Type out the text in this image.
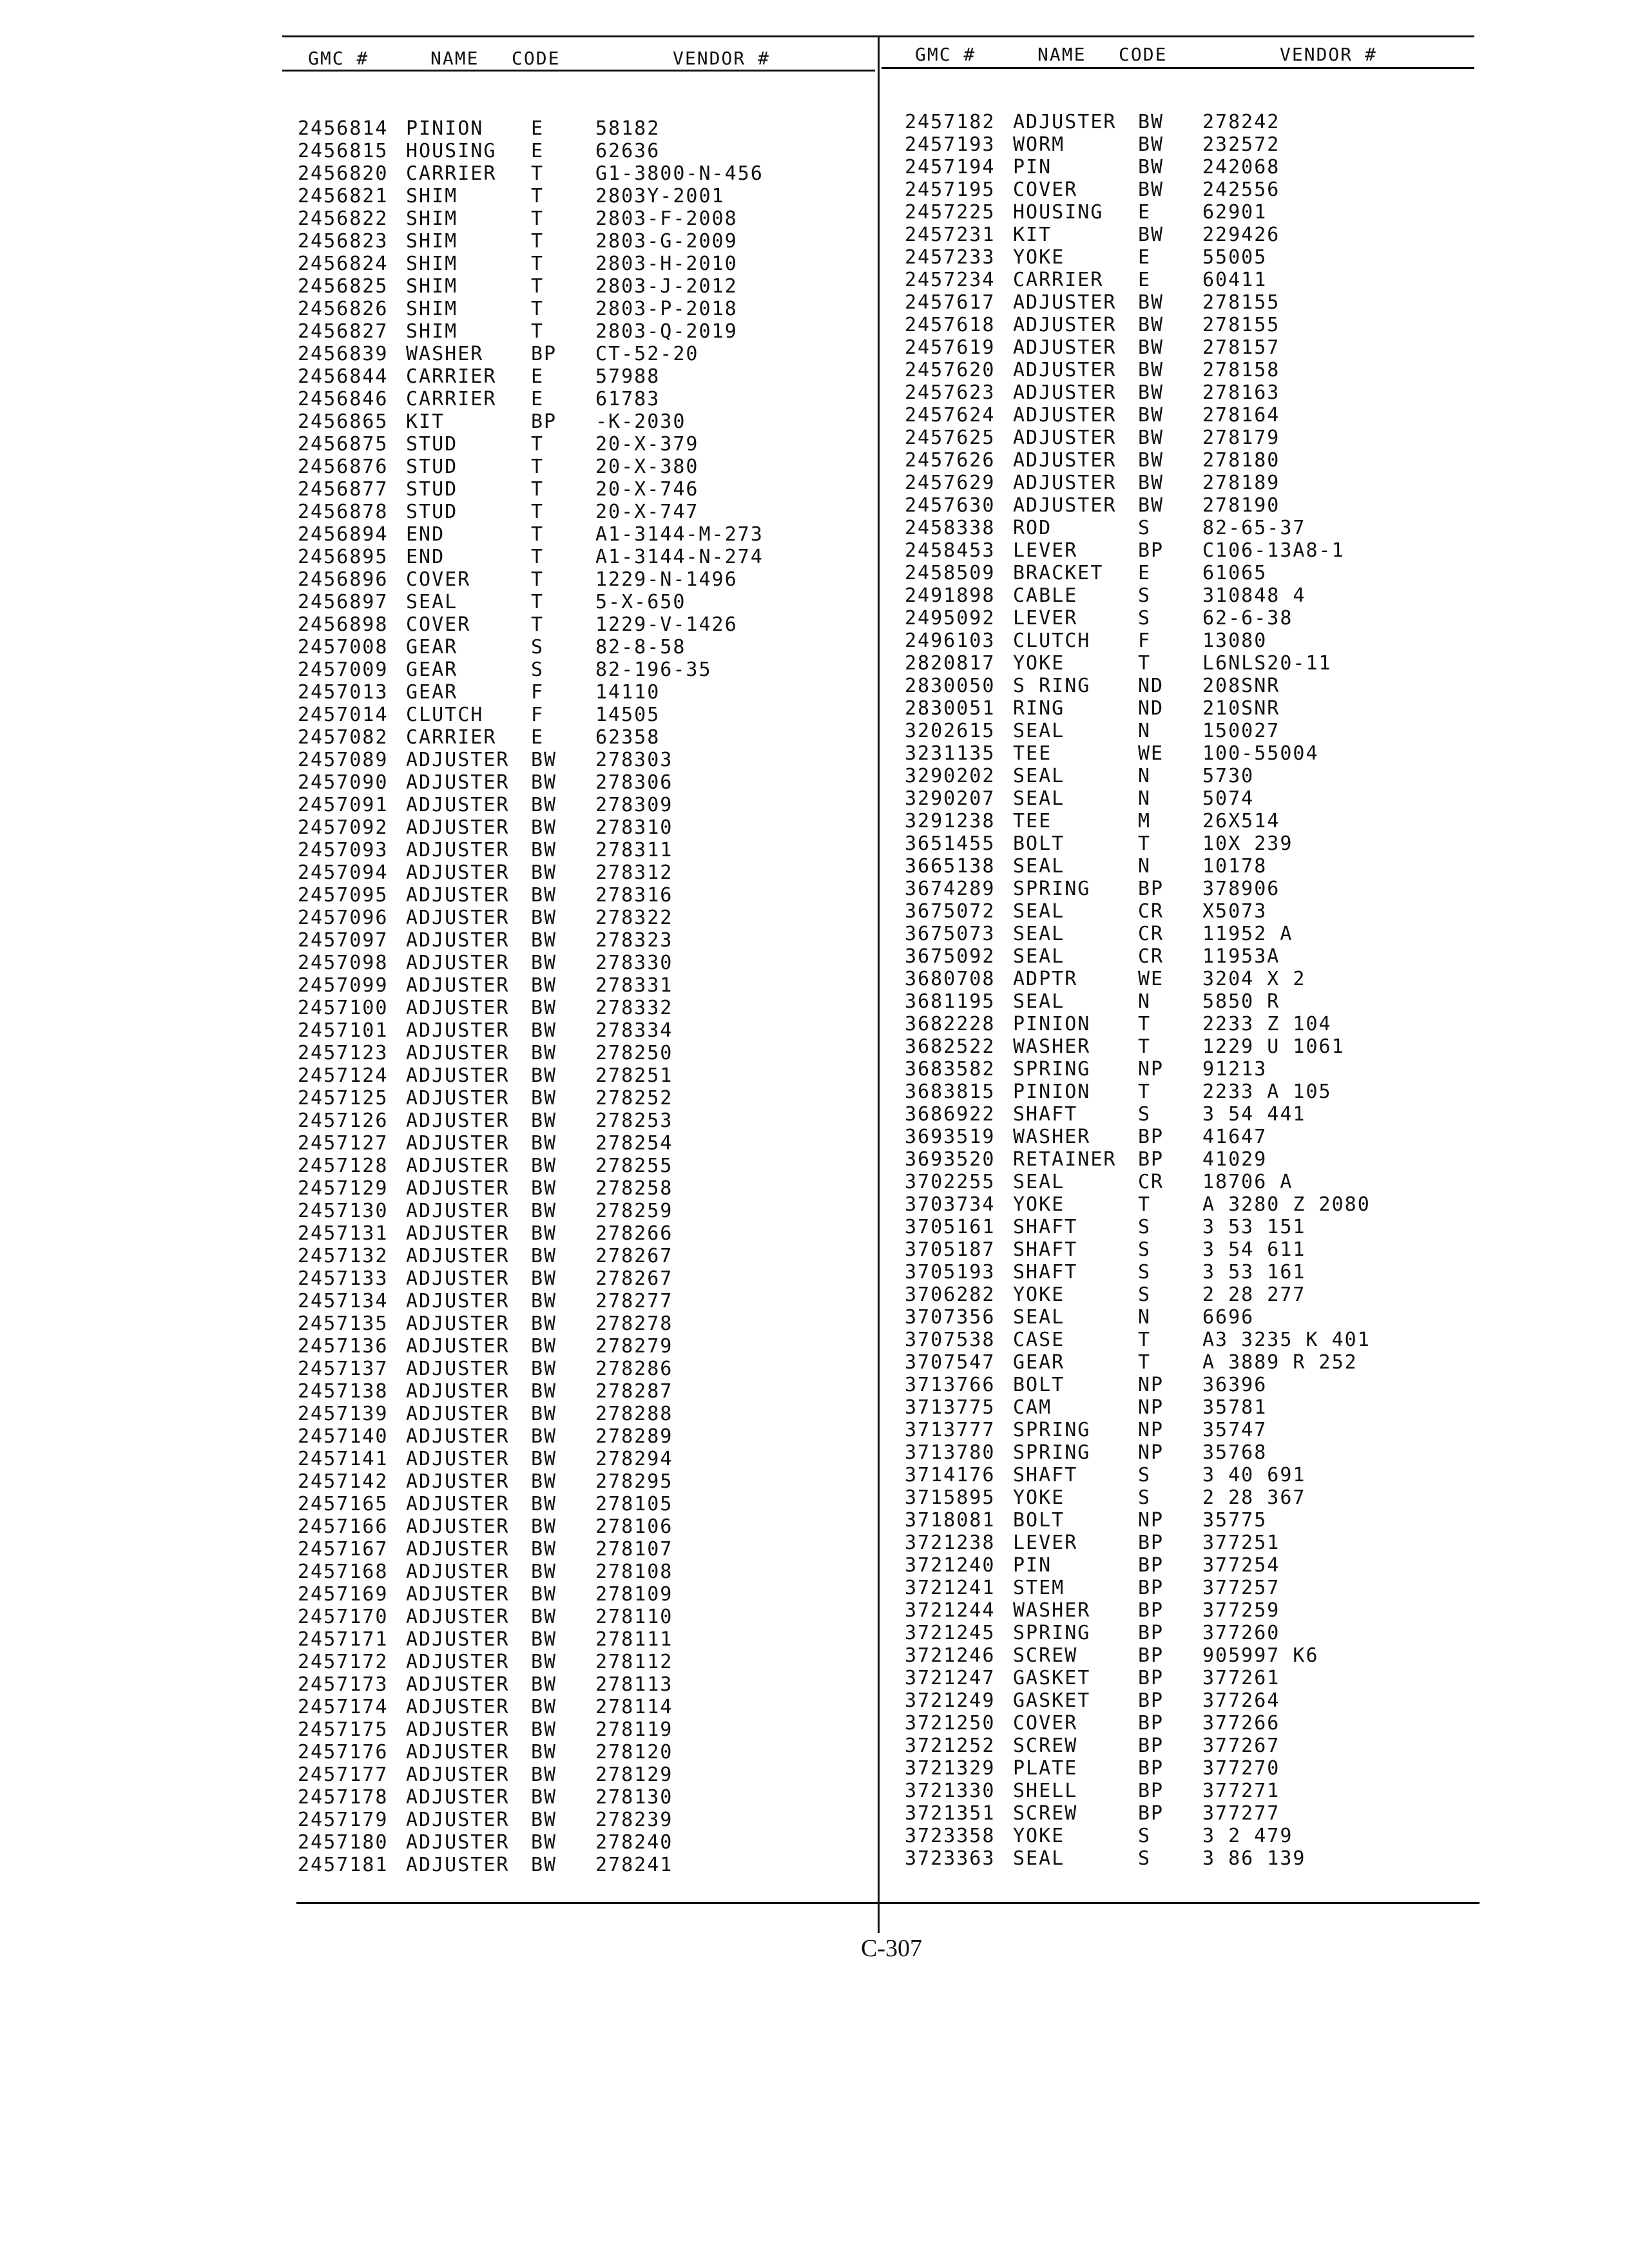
GMC #	NAME CODE	VENDOR #	GMC #	NAME CODE	VENDOR #
2456814 PINION E	58182
2456815 HOUSING E	62636
2456820 CARRIER T	G1-3800-N-456
2456821 SHIM	T	2803Y-2001
2456822 SHIM	T	2803-F-2008
2456823 SHIM	T	2803-G-2009
2456824 SHIM	T	2803-H-2010
2456825 SHIM	T	2803-J-2012
2456826 SHIM	T	2803-P-2018
2456827 SHIM	T	2803-Q-2019
2456839 WASHER BP CT-52-20
2456844 CARRIER E	57988
2456846 CARRIER E	61783
2456865 KIT	BP -K-2030
2456875 STUD	T	20-X-379
2456876 STUD	T	20-X-380
2456877 STUD	T	20-X-746
2456878 STUD	T	20-X-747
2456894 END	T	A1-3144-M-273
2456895 END	T	A1-3144-N-274
2456896 COVER	T	1229-N-1496
2456897 SEAL	T	5-X-650
2456898 COVER	T	1229-V-1426
2457008 GEAR	S	82-8-58
2457009 GEAR	S	82-196-35
2457013 GEAR	F	14110
2457014 CLUTCH F	14505
2457082 CARRIER E	62358
2457089 ADJUSTER BW 278303
2457090 ADJUSTER BW 278306
2457091 ADJUSTER BW 278309
2457092 ADJUSTER BW 278310
2457093 ADJUSTER BW 278311
2457094 ADJUSTER BW 278312
2457095 ADJUSTER BW 278316
2457096 ADJUSTER BW 278322
2457097 ADJUSTER BW 278323
2457098 ADJUSTER BW 278330
2457099 ADJUSTER BW 278331
2457100 ADJUSTER BW 278332
2457101 ADJUSTER BW 278334
2457123 ADJUSTER BW 278250
2457124 ADJUSTER BW 278251
2457125 ADJUSTER BW 278252
2457126 ADJUSTER BW 278253
2457127 ADJUSTER BW 278254
2457128 ADJUSTER BW 278255
2457129 ADJUSTER BW 278258
2457130 ADJUSTER BW 278259
2457131 ADJUSTER BW 278266
2457132 ADJUSTER BW 278267
2457133 ADJUSTER BW 278267
2457134 ADJUSTER BW 278277
2457135 ADJUSTER BW 278278
2457136 ADJUSTER BW 278279
2457137 ADJUSTER BW 278286
2457138 ADJUSTER BW 278287
2457139 ADJUSTER BW 278288
2457140 ADJUSTER BW 278289
2457141 ADJUSTER BW 278294
2457142 ADJUSTER BW 278295
2457165 ADJUSTER BW 278105
2457166 ADJUSTER BW 278106
2457167 ADJUSTER BW 278107
2457168 ADJUSTER BW 278108
2457169 ADJUSTER BW 278109
2457170 ADJUSTER BW 278110
2457171 ADJUSTER BW 278111
2457172 ADJUSTER BW 278112
2457173 ADJUSTER BW 278113
2457174 ADJUSTER BW 278114
2457175 ADJUSTER BW 278119
2457176 ADJUSTER BW 278120
2457177 ADJUSTER BW 278129
2457178 ADJUSTER BW 278130
2457179 ADJUSTER BW 278239
2457180 ADJUSTER BW 278240
2457181 ADJUSTER BW 278241
2457182 ADJUSTER BW 278242
2457193 WORM	BW 232572
2457194 PIN	BW 242068
2457195 COVER	BW 242556
2457225 HOUSING E	62901
2457231 KIT	BW 229426
2457233 YOKE	E	55005
2457234 CARRIER E	60411
2457617 ADJUSTER BW 278155
2457618 ADJUSTER BW 278155
2457619 ADJUSTER BW 278157
2457620 ADJUSTER BW 278158
2457623 ADJUSTER BW 278163
2457624 ADJUSTER BW 278164
2457625 ADJUSTER BW 278179
2457626 ADJUSTER BW 278180
2457629 ADJUSTER BW 278189
2457630 ADJUSTER BW 278190
2458338 ROD	S	82-65-37
2458453 LEVER	BP C106-13A8-1
2458509 BRACKET E	61065
2491898 CABLE	S	310848 4
2495092 LEVER	S	62-6-38
2496103 CLUTCH F	13080
2820817 YOKE	T	L6NLS20-11
2830050 S RING ND 208SNR
2830051 RING	ND 210SNR
3202615 SEAL	N	150027
3231135 TEE	WE 100-55004
3290202 SEAL	N	5730
3290207 SEAL	N	5074
3291238 TEE	M	26X514
3651455 BOLT	T	10X 239
3665138 SEAL	N	10178
3674289 SPRING BP 378906
3675072 SEAL	CR X5073
3675073 SEAL	CR 11952 A
3675092 SEAL	CR 11953A
3680708 ADPTR	WE 3204 X 2
3681195 SEAL	N	5850 R
3682228 PINION T	2233 Z 104
3682522 WASHER T	1229 U 1061
3683582 SPRING NP 91213
3683815 PINION T	2233 A 105
3686922 SHAFT	S	3 54 441
3693519 WASHER BP 41647
3693520 RETAINER BP 41029
3702255 SEAL	CR 18706 A
3703734 YOKE	T	A 3280 Z 2080
3705161 SHAFT	S	3 53 151
3705187 SHAFT	S	3 54 611
3705193 SHAFT	S	3 53 161
3706282 YOKE	S	2 28 277
3707356 SEAL	N	6696
3707538 CASE	T	A3 3235 K 401
3707547 GEAR	T	A 3889 R 252
3713766 BOLT	NP 36396
3713775 CAM	NP 35781
3713777 SPRING NP 35747
3713780 SPRING NP 35768
3714176 SHAFT	S	3 40 691
3715895 YOKE	S	2 28 367
3718081 BOLT	NP 35775
3721238 LEVER	BP 377251
3721240 PIN	BP 377254
3721241 STEM	BP 377257
3721244 WASHER BP 377259
3721245 SPRING BP 377260
3721246 SCREW	BP 905997 K6
3721247 GASKET BP 377261
3721249 GASKET BP 377264
3721250 COVER	BP 377266
3721252 SCREW	BP 377267
3721329 PLATE	BP 377270
3721330 SHELL	BP 377271
3721351 SCREW	BP 377277
3723358 YOKE	S	3 2 479
3723363 SEAL	S	3 86 139
C-307
